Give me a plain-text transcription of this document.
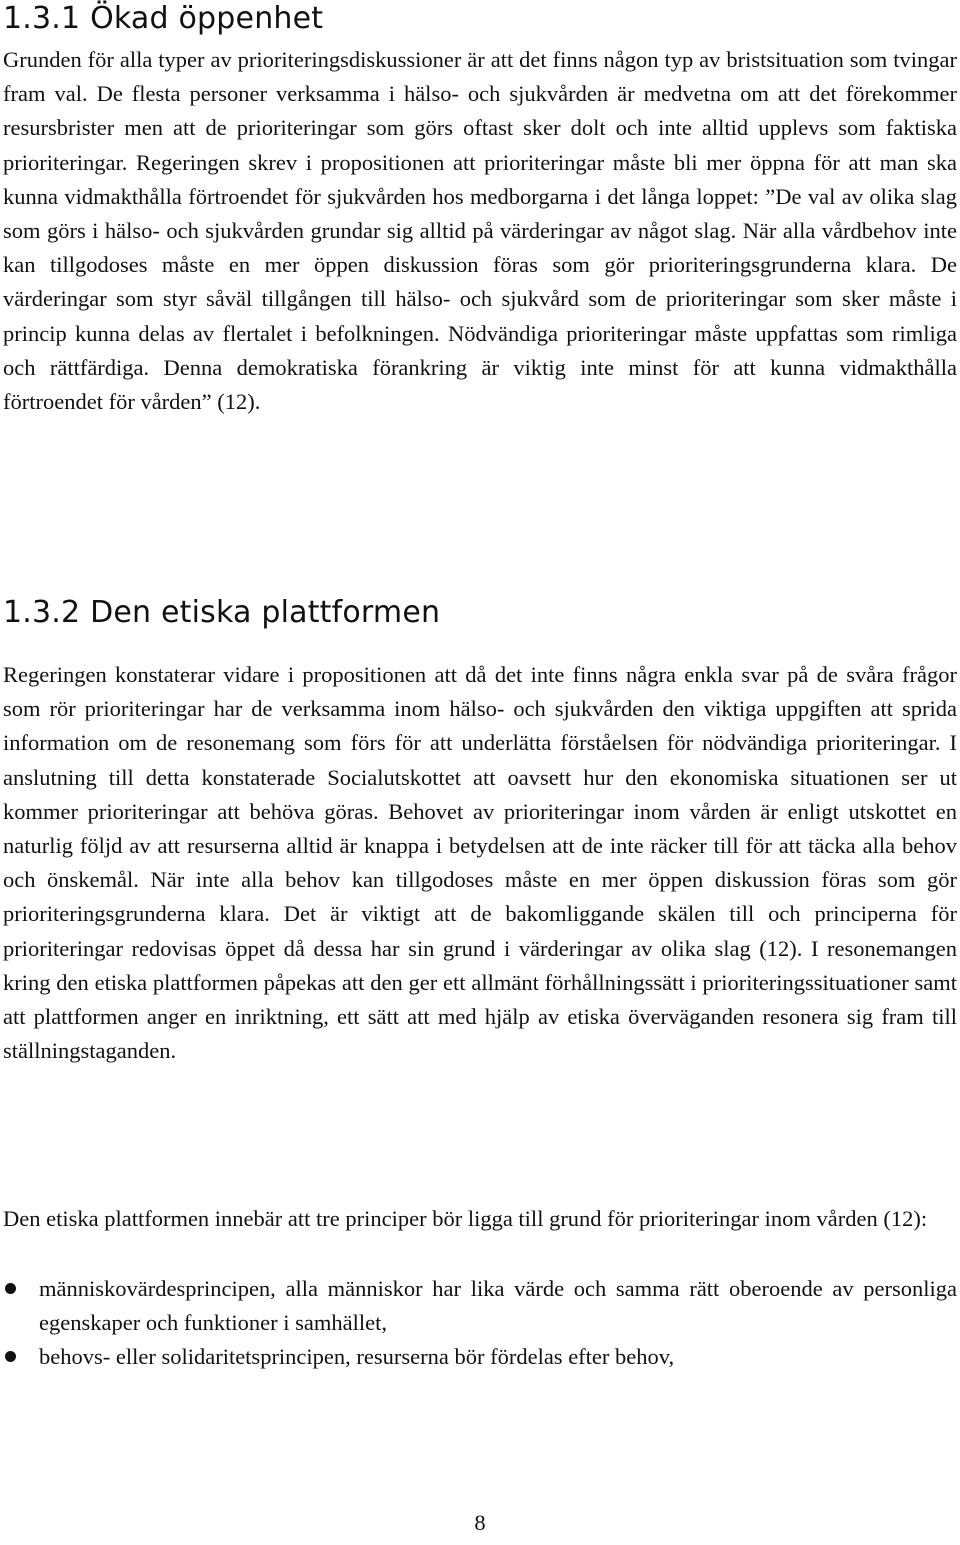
1.3.1 Ökad öppenhet

Grunden för alla typer av prioriteringsdiskussioner är att det finns någon typ av bristsituation som tvingar fram val. De flesta personer verksamma i hälso- och sjukvården är medvetna om att det förekommer resursbrister men att de prioriteringar som görs oftast sker dolt och inte alltid upplevs som faktiska prioriteringar. Regeringen skrev i propositionen att prioriteringar måste bli mer öppna för att man ska kunna vidmakthålla förtroendet för sjukvården hos medborgarna i det långa loppet: ”De val av olika slag som görs i hälso- och sjukvården grundar sig alltid på värderingar av något slag. När alla vårdbehov inte kan tillgodoses måste en mer öppen diskussion föras som gör prioriteringsgrunderna klara. De värderingar som styr såväl tillgången till hälso- och sjukvård som de prioriteringar som sker måste i princip kunna delas av flertalet i befolkningen. Nödvändiga prioriteringar måste uppfattas som rimliga och rättfärdiga. Denna demokratiska förankring är viktig inte minst för att kunna vidmakthålla förtroendet för vården” (12).

1.3.2 Den etiska plattformen

Regeringen konstaterar vidare i propositionen att då det inte finns några enkla svar på de svåra frågor som rör prioriteringar har de verksamma inom hälso- och sjukvården den viktiga uppgiften att sprida information om de resonemang som förs för att underlätta förståelsen för nödvändiga prioriteringar. I anslutning till detta konstaterade Socialutskottet att oavsett hur den ekonomiska situationen ser ut kommer prioriteringar att behöva göras. Behovet av prioriteringar inom vården är enligt utskottet en naturlig följd av att resurserna alltid är knappa i betydelsen att de inte räcker till för att täcka alla behov och önskemål. När inte alla behov kan tillgodoses måste en mer öppen diskussion föras som gör prioriteringsgrunderna klara. Det är viktigt att de bakomliggande skälen till och principerna för prioriteringar redovisas öppet då dessa har sin grund i värderingar av olika slag (12). I resonemangen kring den etiska plattformen påpekas att den ger ett allmänt förhållningssätt i prioriteringssituationer samt att plattformen anger en inriktning, ett sätt att med hjälp av etiska överväganden resonera sig fram till ställningstaganden.

Den etiska plattformen innebär att tre principer bör ligga till grund för prioriteringar inom vården (12):

människovärdesprincipen, alla människor har lika värde och samma rätt oberoende av personliga egenskaper och funktioner i samhället,
behovs- eller solidaritetsprincipen, resurserna bör fördelas efter behov,
8
